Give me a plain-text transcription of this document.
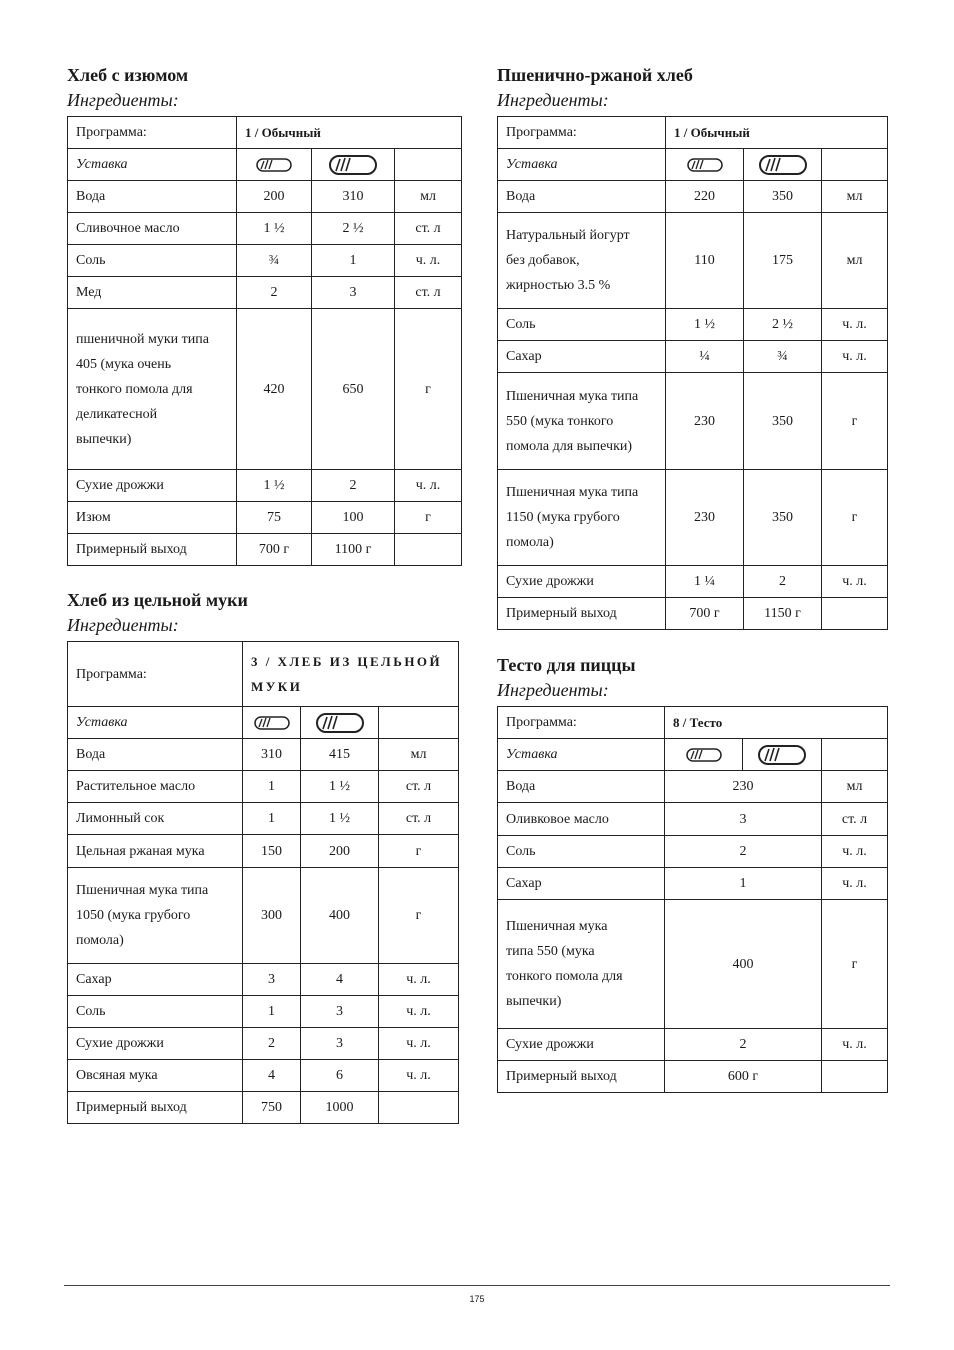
Хлеб с изюмом
Ингредиенты:
Программа:	1 / Обычный		
Уставка	

Вода	200	310	мл
Сливочное масло	1 ½	2 ½	ст. л
Соль	¾	1	ч. л.
Мед	2	3	ст. л

пшеничной муки типа
405 (мука очень
тонкого помола для
деликатесной
выпечки)	420	650	г
Сухие дрожжи	1 ½	2	ч. л.
Изюм	75	100	г
Примерный выход	700 г	1100 г	
Хлеб из цельной муки
Ингредиенты:
Программа:	3 / ХЛЕБ ИЗ ЦЕЛЬНОЙ
МУКИ		

Уставка	

Вода	310	415	мл
Растительное масло	1	1 ½	ст. л
Лимонный сок	1	1 ½	ст. л
Цельная ржаная мука	150	200	г

Пшеничная мука типа
1050 (мука грубого
помола)	300	400	г
Сахар	3	4	ч. л.
Соль	1	3	ч. л.
Сухие дрожжи	2	3	ч. л.
Овсяная мука	4	6	ч. л.
Примерный выход	750	1000	
Пшенично-ржаной хлеб
Ингредиенты:
Программа:	1 / Обычный		
Уставка	

Вода	220	350	мл

Натуральный йогурт
без добавок,
жирностью 3.5 %	110	175	мл
Соль	1 ½	2 ½	ч. л.
Сахар	¼	¾	ч. л.

Пшеничная мука типа
550 (мука тонкого
помола для выпечки)	230	350	г

Пшеничная мука типа
1150 (мука грубого
помола)	230	350	г
Сухие дрожжи	1 ¼	2	ч. л.
Примерный выход	700 г	1150 г	
Тесто для пиццы
Ингредиенты:
Программа:	8 / Тесто		
Уставка	

Вода	230		мл
Оливковое масло	3		ст. л
Соль	2		ч. л.
Сахар	1		ч. л.

Пшеничная мука
типа 550 (мука
тонкого помола для
выпечки)	400		г
Сухие дрожжи	2		ч. л.
Примерный выход	600 г		
175
